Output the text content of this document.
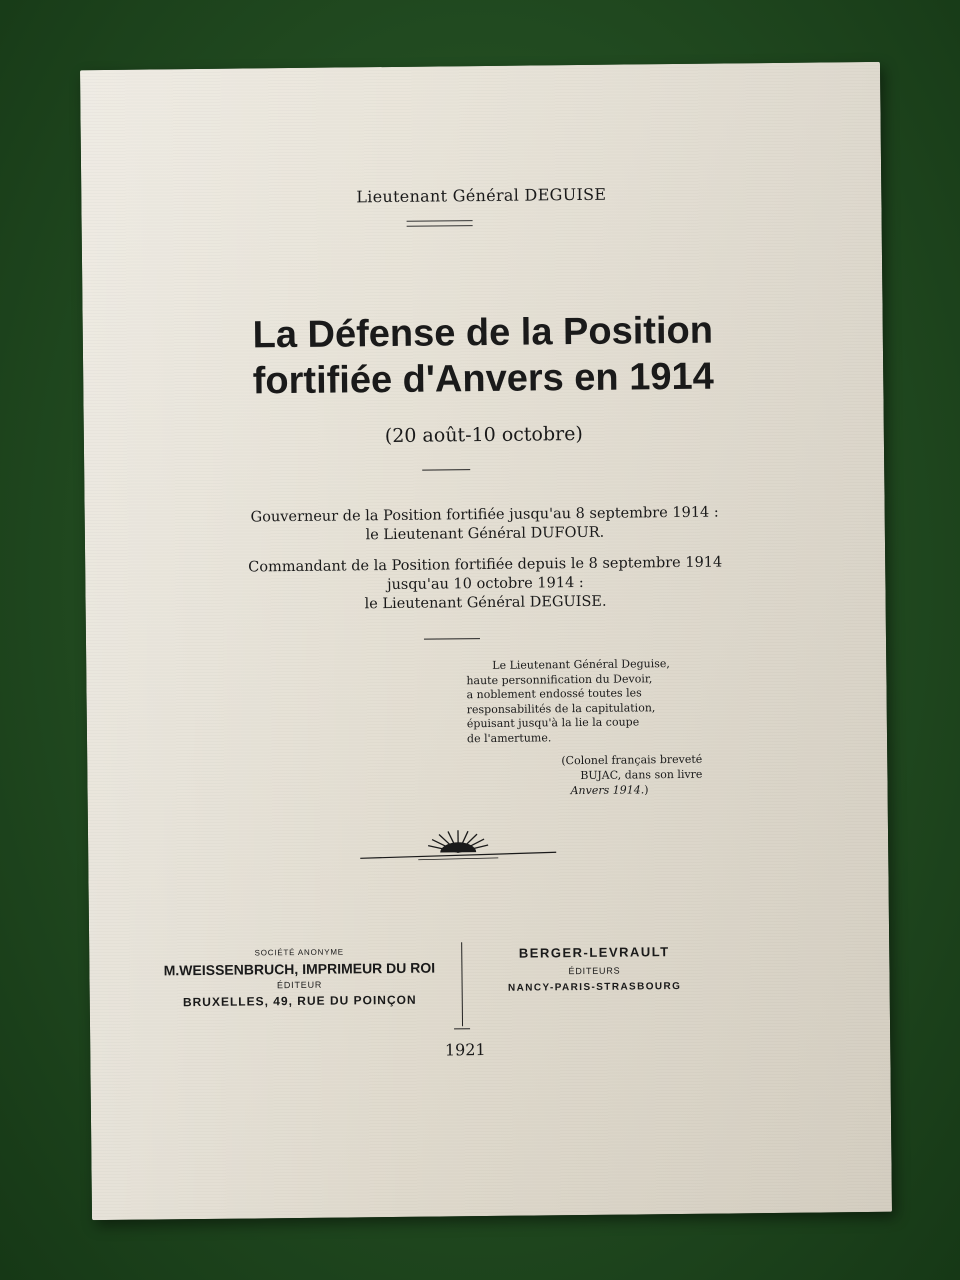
Lieutenant Général DEGUISE
La Défense de la Position
fortifiée d'Anvers en 1914
(20 août-10 octobre)
Gouverneur de la Position fortifiée jusqu'au 8 septembre 1914 :
le Lieutenant Général DUFOUR.
Commandant de la Position fortifiée depuis le 8 septembre 1914
jusqu'au 10 octobre 1914 :
le Lieutenant Général DEGUISE.
Le Lieutenant Général Deguise,
haute personnification du Devoir,
a noblement endossé toutes les
responsabilités de la capitulation,
épuisant jusqu'à la lie la coupe
de l'amertume.
(Colonel français breveté
BUJAC, dans son livre
Anvers 1914.)
SOCIÉTÉ ANONYME
M.WEISSENBRUCH, IMPRIMEUR DU ROI
ÉDITEUR
BRUXELLES, 49, RUE DU POINÇON
BERGER-LEVRAULT
ÉDITEURS
NANCY-PARIS-STRASBOURG
1921
